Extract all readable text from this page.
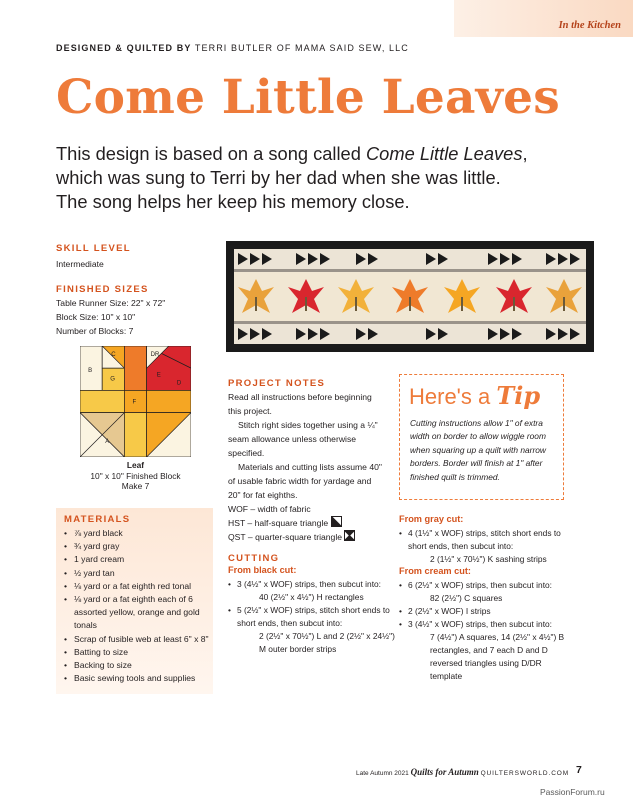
In the Kitchen
DESIGNED & QUILTED BY TERRI BUTLER OF MAMA SAID SEW, LLC
Come Little Leaves
This design is based on a song called Come Little Leaves, which was sung to Terri by her dad when she was little. The song helps her keep his memory close.
SKILL LEVEL
Intermediate
FINISHED SIZES
Table Runner Size: 22" x 72"
Block Size: 10" x 10"
Number of Blocks: 7
B
C	DR
G
E
D
F
A
Leaf
10" x 10" Finished Block
Make 7
MATERIALS
• ⅞ yard black
• ¾ yard gray
• 1 yard cream
• ½ yard tan
• ⅛ yard or a fat eighth red tonal
• ⅛ yard or a fat eighth each of 6 assorted yellow, orange and gold tonals
• Scrap of fusible web at least 6" x 8"
• Batting to size
• Backing to size
• Basic sewing tools and supplies
PROJECT NOTES

Read all instructions before beginning this project.

Stitch right sides together using a ¼" seam allowance unless otherwise specified.

Materials and cutting lists assume 40" of usable fabric width for yardage and 20" for fat eighths.

WOF – width of fabric

HST – half-square triangle

QST – quarter-square triangle

Here's a Tip
Cutting instructions allow 1" of extra width on border to allow wiggle room when squaring up a quilt with narrow borders. Border will finish at 1" after finished quilt is trimmed.
CUTTING
From black cut:
• 3 (4½" x WOF) strips, then subcut into:
40 (2½" x 4½") H rectangles
• 5 (2½" x WOF) strips, stitch short ends to short ends, then subcut into:
2 (2½" x 70½") L and 2 (2½" x 24½") M outer border strips
From gray cut:
• 4 (1½" x WOF) strips, stitch short ends to short ends, then subcut into:
2 (1½" x 70½") K sashing strips
From cream cut:
• 6 (2½" x WOF) strips, then subcut into:
82 (2½") C squares
• 2 (2½" x WOF) I strips
• 3 (4½" x WOF) strips, then subcut into:
7 (4½") A squares, 14 (2½" x 4½") B rectangles, and 7 each D and D reversed triangles using D/DR template
Late Autumn 2021 Quilts for Autumn QUILTERSWORLD.COM 7
PassionForum.ru
